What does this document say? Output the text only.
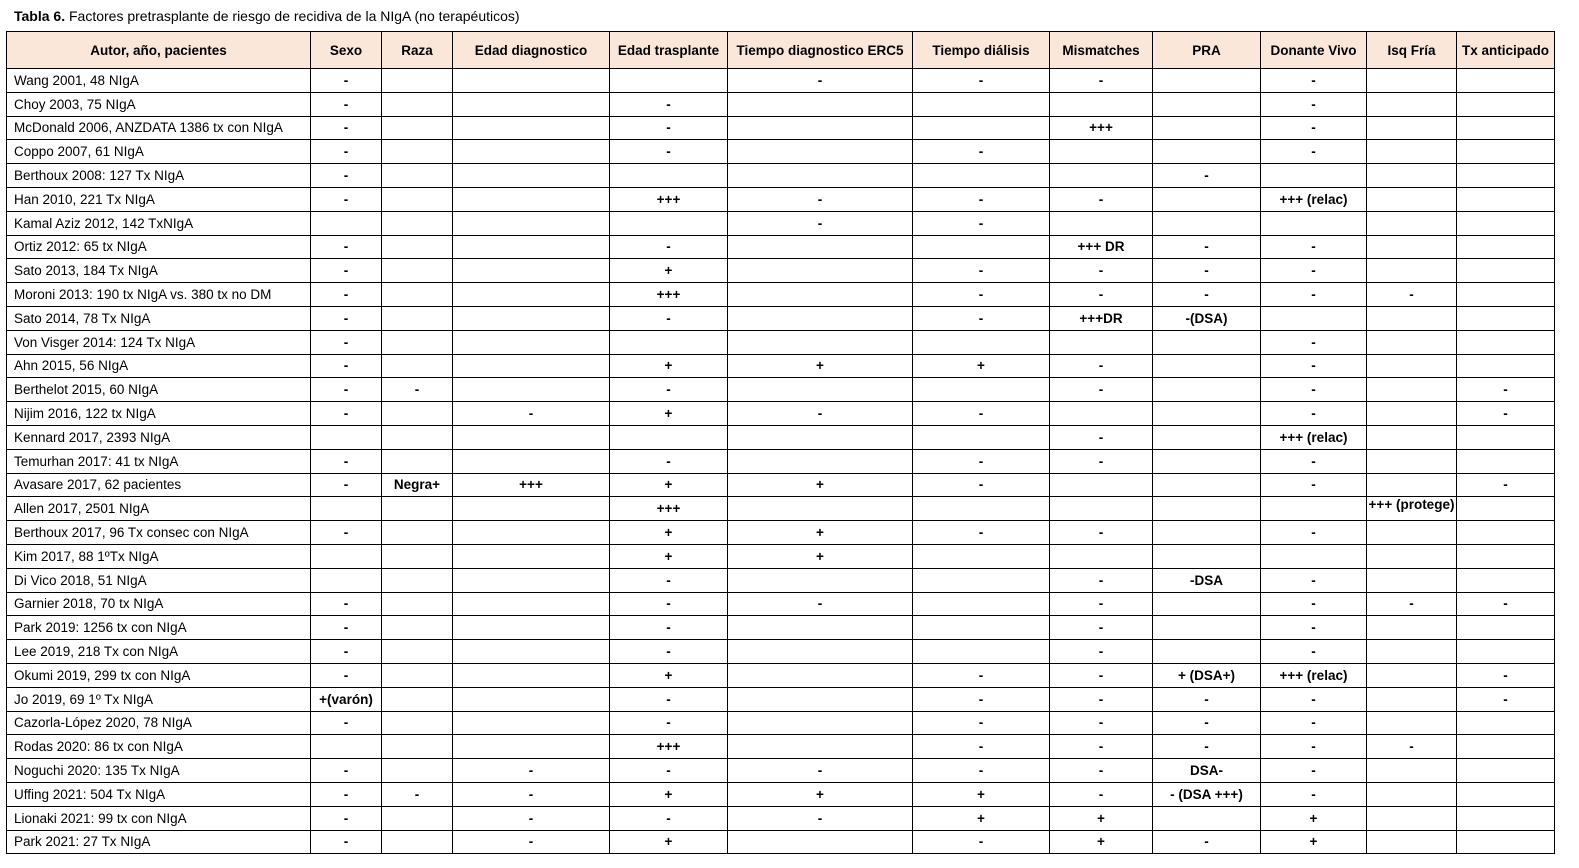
Tabla 6. Factores pretrasplante de riesgo de recidiva de la NIgA (no terapéuticos)
Autor, año, pacientes	Sexo	Raza	Edad diagnostico	Edad trasplante	Tiempo diagnostico ERC5	Tiempo diálisis	Mismatches	PRA	Donante Vivo	Isq Fría	Tx anticipado
Wang 2001, 48 NIgA	-				-	-	-		-		
Choy 2003, 75 NIgA	-			-					-		
McDonald 2006, ANZDATA 1386 tx con NIgA	-			-			+++		-		
Coppo 2007, 61 NIgA	-			-		-			-		
Berthoux 2008: 127 Tx NIgA	-							-			
Han 2010, 221 Tx NIgA	-			+++	-	-	-		+++ (relac)		
Kamal Aziz 2012, 142 TxNIgA					-	-					
Ortiz 2012: 65 tx NIgA	-			-			+++ DR	-	-		
Sato 2013, 184 Tx NIgA	-			+		-	-	-	-		
Moroni 2013: 190 tx NIgA vs. 380 tx no DM	-			+++		-	-	-	-	-	
Sato 2014, 78 Tx NIgA	-			-		-	+++DR	-(DSA)			
Von Visger 2014: 124 Tx NIgA	-								-		
Ahn 2015, 56 NIgA	-			+	+	+	-		-		
Berthelot 2015, 60 NIgA	-	-		-			-		-		-
Nijim 2016, 122 tx NIgA	-		-	+	-	-			-		-
Kennard 2017, 2393 NIgA							-		+++ (relac)		
Temurhan 2017: 41 tx NIgA	-			-		-	-		-		
Avasare 2017, 62 pacientes	-	Negra+	+++	+	+	-			-		-
Allen 2017, 2501 NIgA				+++						+++ (protege)	

Berthoux 2017, 96 Tx consec con NIgA	-			+	+	-	-		-		
Kim 2017, 88 1ºTx NIgA				+	+						
Di Vico 2018, 51 NIgA				-			-	-DSA	-		
Garnier 2018, 70 tx NIgA	-			-	-		-		-	-	-
Park 2019: 1256 tx con NIgA	-			-			-		-		
Lee 2019, 218 Tx con NIgA	-			-			-		-		
Okumi 2019, 299 tx con NIgA	-			+		-	-	+ (DSA+)	+++ (relac)		-
Jo 2019, 69 1º Tx NIgA	+(varón)			-		-	-	-	-		-
Cazorla-López 2020, 78 NIgA	-			-		-	-	-	-		
Rodas 2020: 86 tx con NIgA				+++		-	-	-	-	-	
Noguchi 2020: 135 Tx NIgA	-		-	-	-	-	-	DSA-	-		
Uffing 2021: 504 Tx NIgA	-	-	-	+	+	+	-	- (DSA +++)	-		
Lionaki 2021: 99 tx con NIgA	-		-	-	-	+	+		+		
Park 2021: 27 Tx NIgA	-		-	+		-	+	-	+		
